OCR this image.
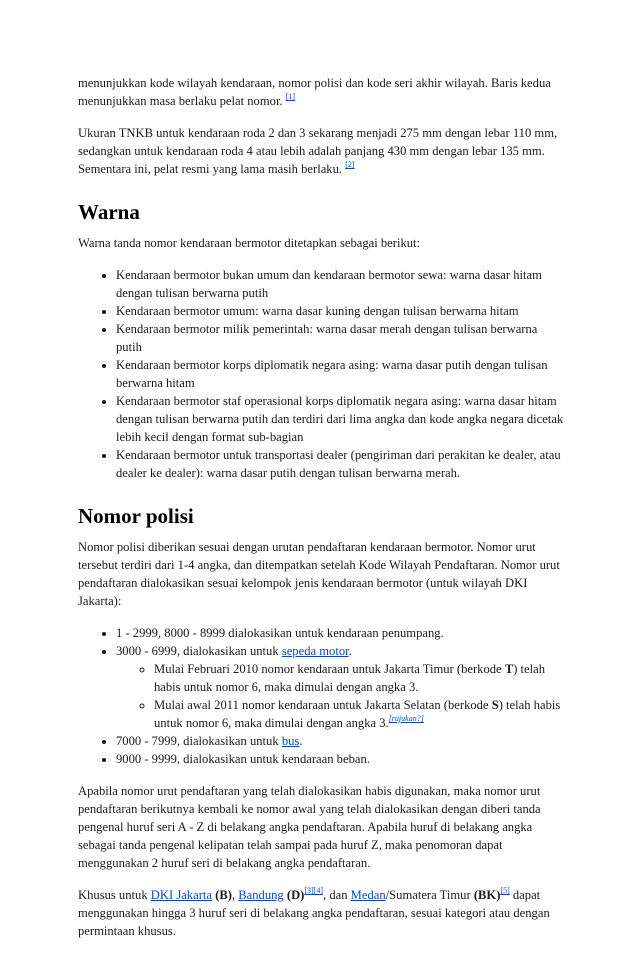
menunjukkan kode wilayah kendaraan, nomor polisi dan kode seri akhir wilayah. Baris kedua menunjukkan masa berlaku pelat nomor. [1]

Ukuran TNKB untuk kendaraan roda 2 dan 3 sekarang menjadi 275 mm dengan lebar 110 mm, sedangkan untuk kendaraan roda 4 atau lebih adalah panjang 430 mm dengan lebar 135 mm. Sementara ini, pelat resmi yang lama masih berlaku. [2]

Warna

Warna tanda nomor kendaraan bermotor ditetapkan sebagai berikut:

• Kendaraan bermotor bukan umum dan kendaraan bermotor sewa: warna dasar hitam dengan tulisan berwarna putih
• Kendaraan bermotor umum: warna dasar kuning dengan tulisan berwarna hitam
• Kendaraan bermotor milik pemerintah: warna dasar merah dengan tulisan berwarna putih
• Kendaraan bermotor korps diplomatik negara asing: warna dasar putih dengan tulisan berwarna hitam
• Kendaraan bermotor staf operasional korps diplomatik negara asing: warna dasar hitam dengan tulisan berwarna putih dan terdiri dari lima angka dan kode angka negara dicetak lebih kecil dengan format sub-bagian
• Kendaraan bermotor untuk transportasi dealer (pengiriman dari perakitan ke dealer, atau dealer ke dealer): warna dasar putih dengan tulisan berwarna merah.
Nomor polisi

Nomor polisi diberikan sesuai dengan urutan pendaftaran kendaraan bermotor. Nomor urut tersebut terdiri dari 1-4 angka, dan ditempatkan setelah Kode Wilayah Pendaftaran. Nomor urut pendaftaran dialokasikan sesuai kelompok jenis kendaraan bermotor (untuk wilayah DKI Jakarta):

• 1 - 2999, 8000 - 8999 dialokasikan untuk kendaraan penumpang.
• 3000 - 6999, dialokasikan untuk sepeda motor.
◦ Mulai Februari 2010 nomor kendaraan untuk Jakarta Timur (berkode T) telah habis untuk nomor 6, maka dimulai dengan angka 3.
◦ Mulai awal 2011 nomor kendaraan untuk Jakarta Selatan (berkode S) telah habis untuk nomor 6, maka dimulai dengan angka 3.[rujukan?]
• 7000 - 7999, dialokasikan untuk bus.
• 9000 - 9999, dialokasikan untuk kendaraan beban.

Apabila nomor urut pendaftaran yang telah dialokasikan habis digunakan, maka nomor urut pendaftaran berikutnya kembali ke nomor awal yang telah dialokasikan dengan diberi tanda pengenal huruf seri A - Z di belakang angka pendaftaran. Apabila huruf di belakang angka sebagai tanda pengenal kelipatan telah sampai pada huruf Z, maka penomoran dapat menggunakan 2 huruf seri di belakang angka pendaftaran.

Khusus untuk DKI Jakarta (B), Bandung (D)[3][4], dan Medan/Sumatera Timur (BK)[5] dapat menggunakan hingga 3 huruf seri di belakang angka pendaftaran, sesuai kategori atau dengan permintaan khusus.
